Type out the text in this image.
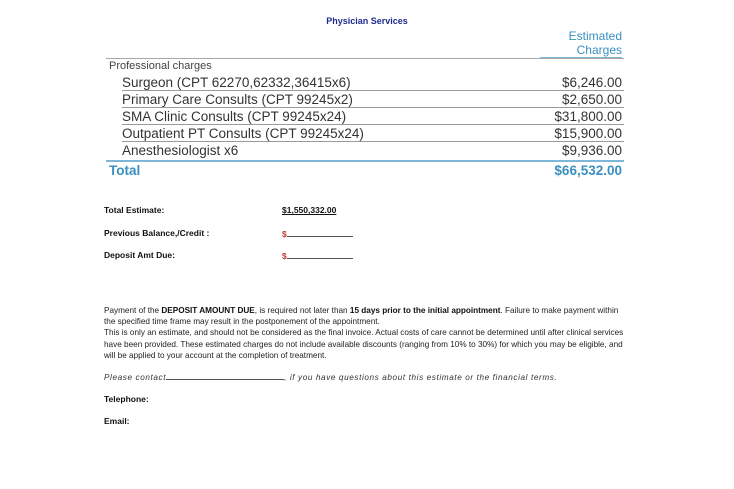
Physician Services
Estimated
Charges
Professional charges
Surgeon (CPT 62270,62332,36415x6)	$6,246.00
Primary Care Consults (CPT 99245x2)	$2,650.00
SMA Clinic Consults (CPT 99245x24)	$31,800.00
Outpatient PT Consults (CPT 99245x24)	$15,900.00
Anesthesiologist x6	$9,936.00
Total	$66,532.00
Total Estimate:	$1,550,332.00
Previous Balance,/Credit :	$
Deposit Amt Due:	$
Payment of the DEPOSIT AMOUNT DUE, is required not later than 15 days prior to the initial appointment. Failure to make payment within the specified time frame may result in the postponement of the appointment.
This is only an estimate, and should not be considered as the final invoice. Actual costs of care cannot be determined until after clinical services have been provided. These estimated charges do not include available discounts (ranging from 10% to 30%) for which you may be eligible, and will be applied to your account at the completion of treatment.
Please contact	, if you have questions about this estimate or the financial terms.
Telephone:
Email:
